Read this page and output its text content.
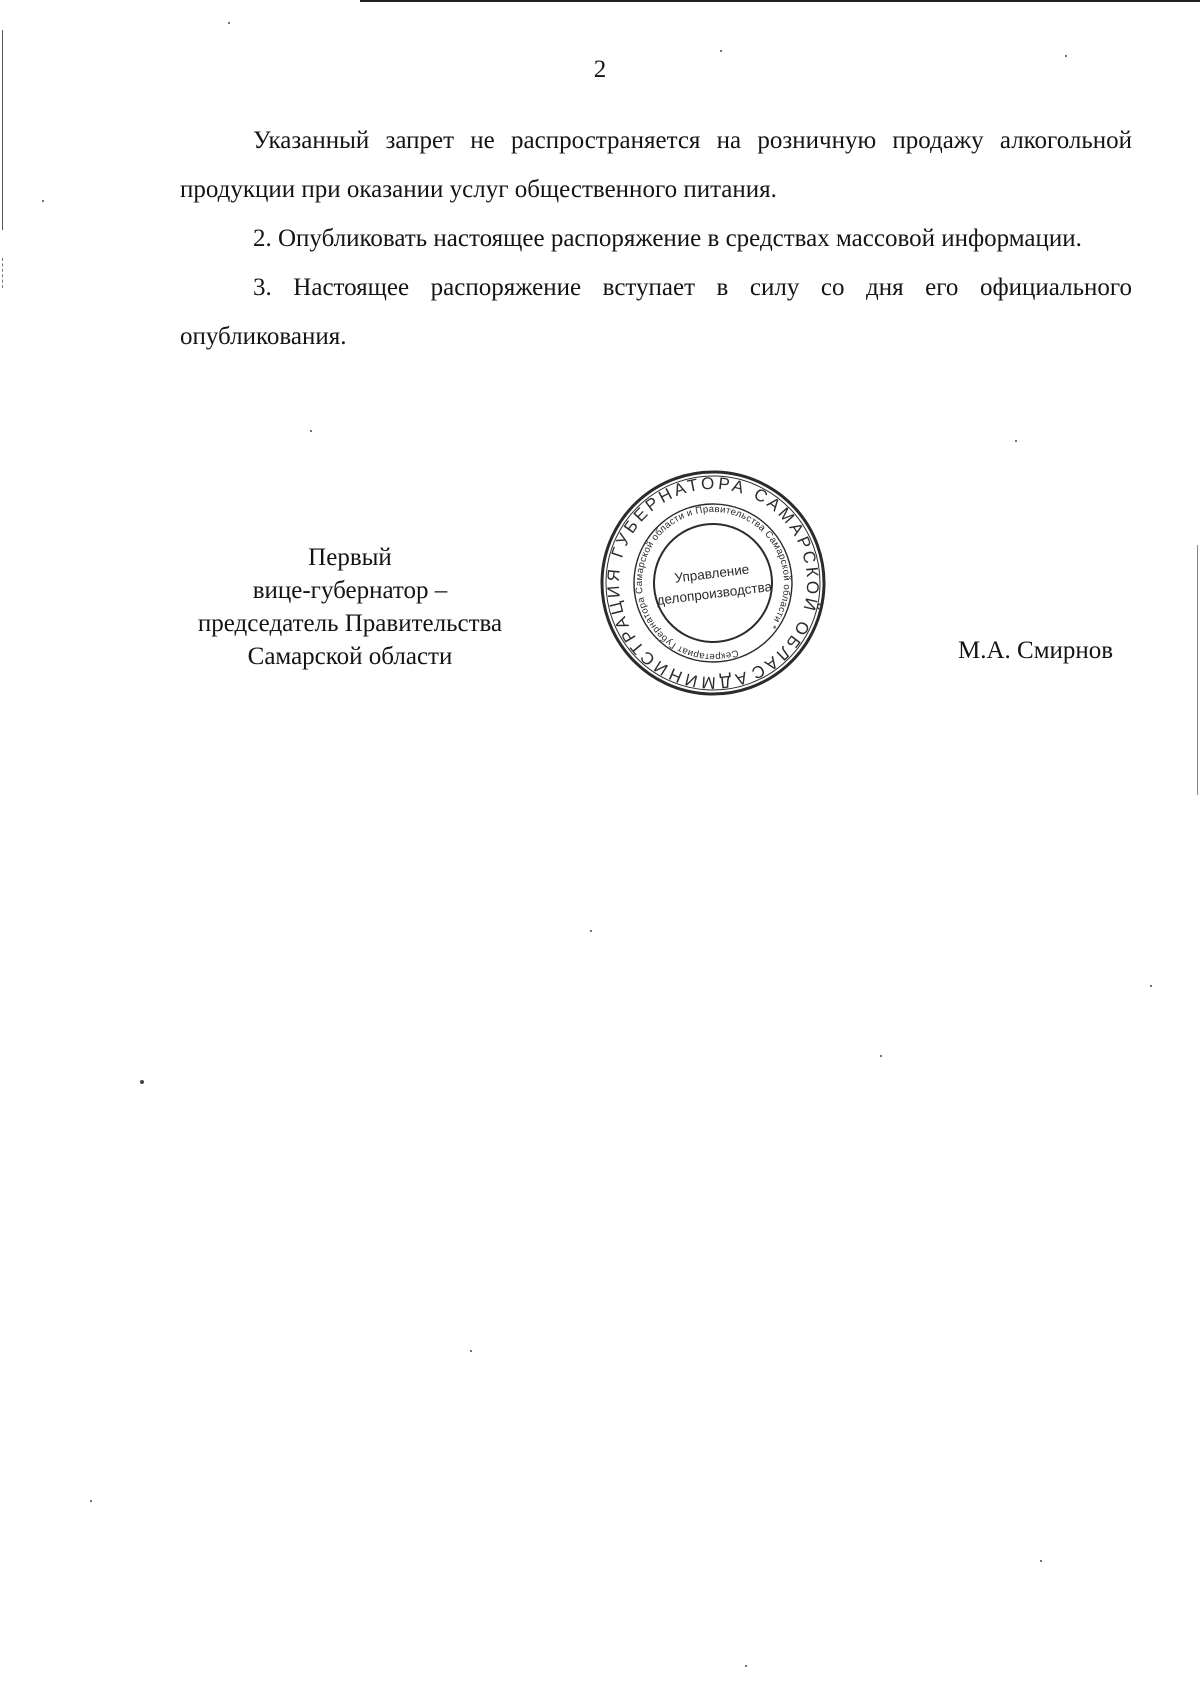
2

Указанный запрет не распространяется на розничную продажу алкогольной продукции при оказании услуг общественного питания.

2. Опубликовать настоящее распоряжение в средствах массовой информации.

3. Настоящее распоряжение вступает в силу со дня его официального опубликования.

Первый
вице-губернатор –
председатель Правительства
Самарской области
АДМИНИСТРАЦИЯ ГУБЕРНАТОРА САМАРСКОЙ ОБЛАСТИ
Секретариат Губернатора Самарской области и Правительства Самарской области *
Управление
делопроизводства
М.А. Смирнов
